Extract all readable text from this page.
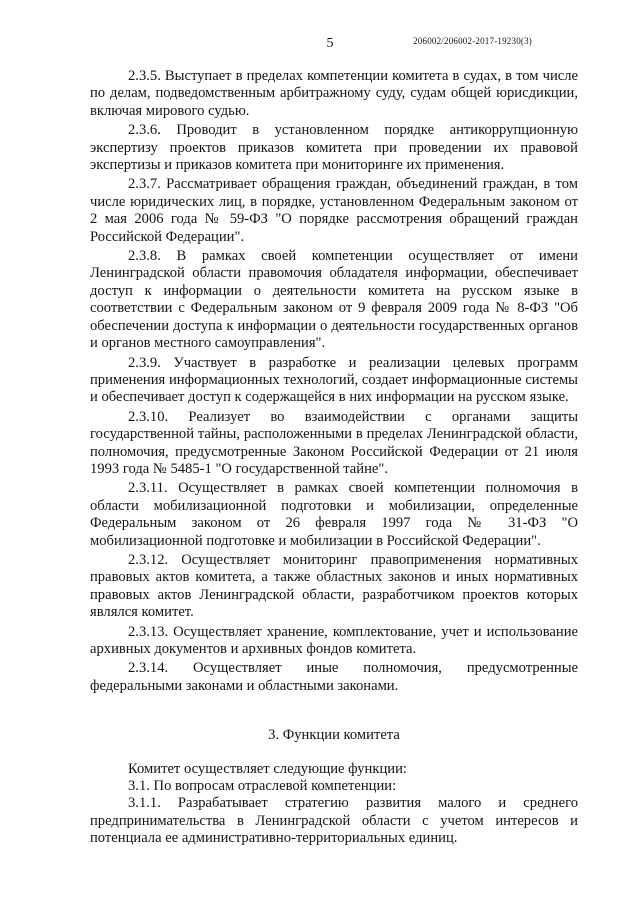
206002/206002-2017-19230(3)
5

2.3.5. Выступает в пределах компетенции комитета в судах, в том числе по делам, подведомственным арбитражному суду, судам общей юрисдикции, включая мирового судью.

2.3.6. Проводит в установленном порядке антикоррупционную экспертизу проектов приказов комитета при проведении их правовой экспертизы и приказов комитета при мониторинге их применения.

2.3.7. Рассматривает обращения граждан, объединений граждан, в том числе юридических лиц, в порядке, установленном Федеральным законом от 2 мая 2006 года № 59-ФЗ "О порядке рассмотрения обращений граждан Российской Федерации".

2.3.8. В рамках своей компетенции осуществляет от имени Ленинградской области правомочия обладателя информации, обеспечивает доступ к информации о деятельности комитета на русском языке в соответствии с Федеральным законом от 9 февраля 2009 года № 8-ФЗ "Об обеспечении доступа к информации о деятельности государственных органов и органов местного самоуправления".

2.3.9. Участвует в разработке и реализации целевых программ применения информационных технологий, создает информационные системы и обеспечивает доступ к содержащейся в них информации на русском языке.

2.3.10. Реализует во взаимодействии с органами защиты государственной тайны, расположенными в пределах Ленинградской области, полномочия, предусмотренные Законом Российской Федерации от 21 июля 1993 года № 5485-1 "О государственной тайне".

2.3.11. Осуществляет в рамках своей компетенции полномочия в области мобилизационной подготовки и мобилизации, определенные Федеральным законом от 26 февраля 1997 года № 31-ФЗ "О мобилизационной подготовке и мобилизации в Российской Федерации".

2.3.12. Осуществляет мониторинг правоприменения нормативных правовых актов комитета, а также областных законов и иных нормативных правовых актов Ленинградской области, разработчиком проектов которых являлся комитет.

2.3.13. Осуществляет хранение, комплектование, учет и использование архивных документов и архивных фондов комитета.

2.3.14. Осуществляет иные полномочия, предусмотренные федеральными законами и областными законами.

3. Функции комитета

Комитет осуществляет следующие функции:

3.1. По вопросам отраслевой компетенции:

3.1.1. Разрабатывает стратегию развития малого и среднего предпринимательства в Ленинградской области с учетом интересов и потенциала ее административно-территориальных единиц.
